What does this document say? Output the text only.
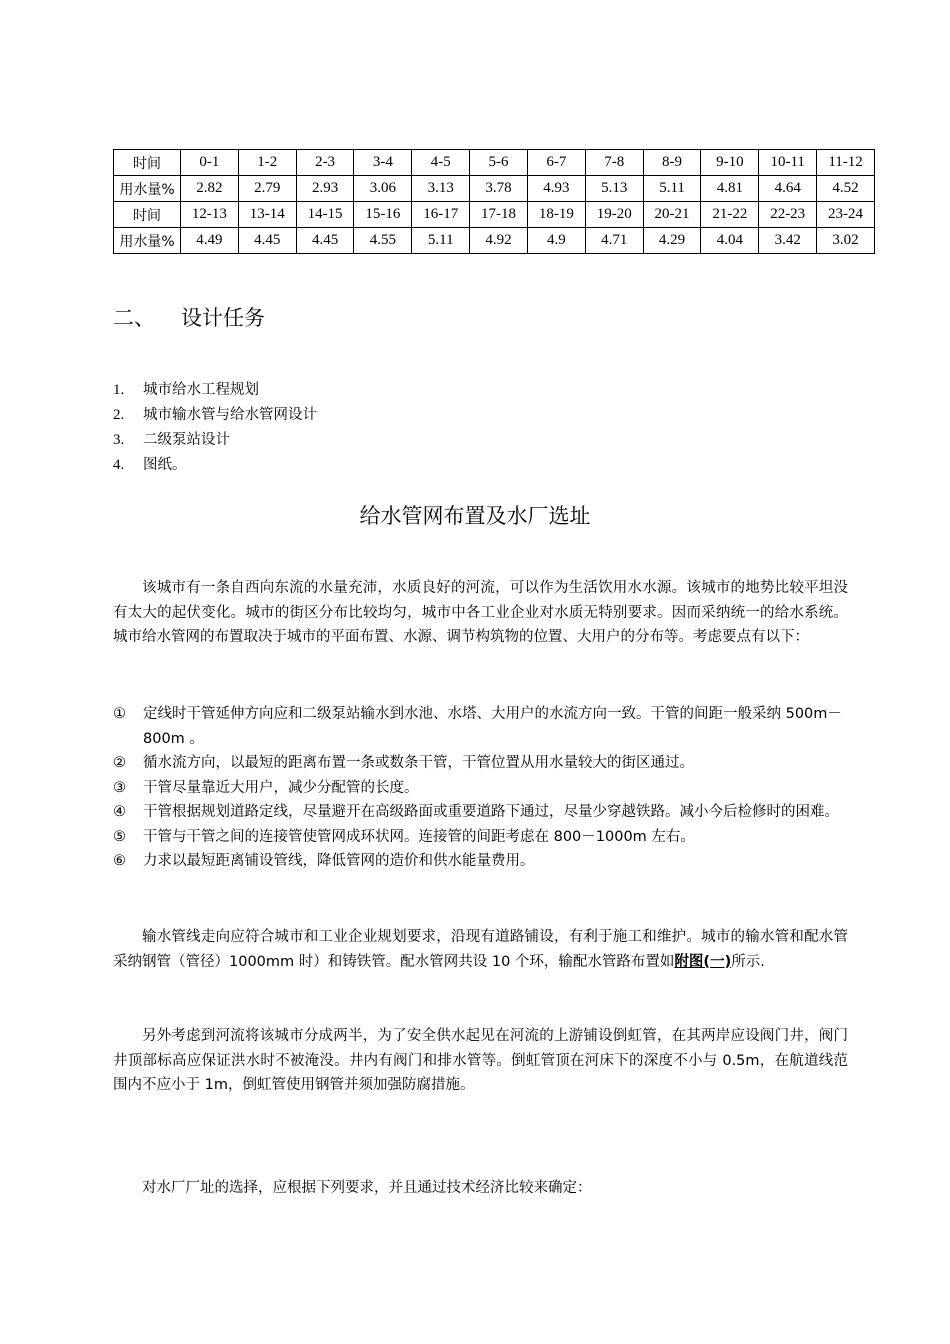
时间	0-1	1-2	2-3	3-4	4-5	5-6	6-7	7-8	8-9	9-10	10-11	11-12
用水量%	2.82	2.79	2.93	3.06	3.13	3.78	4.93	5.13	5.11	4.81	4.64	4.52
时间	12-13	13-14	14-15	15-16	16-17	17-18	18-19	19-20	20-21	21-22	22-23	23-24
用水量%	4.49	4.45	4.45	4.55	5.11	4.92	4.9	4.71	4.29	4.04	3.42	3.02
二、 设计任务
1. 城市给水工程规划
2. 城市输水管与给水管网设计
3. 二级泵站设计
4. 图纸。
给水管网布置及水厂选址

该城市有一条自西向东流的水量充沛，水质良好的河流，可以作为生活饮用水水源。该城市的地势比较平坦没有太大的起伏变化。城市的街区分布比较均匀，城市中各工业企业对水质无特别要求。因而采纳统一的给水系统。城市给水管网的布置取决于城市的平面布置、水源、调节构筑物的位置、大用户的分布等。考虑要点有以下：

①	定线时干管延伸方向应和二级泵站输水到水池、水塔、大用户的水流方向一致。干管的间距一般采纳 500m－800m 。
②	循水流方向，以最短的距离布置一条或数条干管，干管位置从用水量较大的街区通过。
③	干管尽量靠近大用户，减少分配管的长度。
④	干管根据规划道路定线，尽量避开在高级路面或重要道路下通过，尽量少穿越铁路。减小今后检修时的困难。
⑤	干管与干管之间的连接管使管网成环状网。连接管的间距考虑在 800－1000m 左右。
⑥	力求以最短距离铺设管线，降低管网的造价和供水能量费用。

输水管线走向应符合城市和工业企业规划要求，沿现有道路铺设，有利于施工和维护。城市的输水管和配水管采纳钢管（管径）1000mm 时）和铸铁管。配水管网共设 10 个环，输配水管路布置如附图(一)所示.

另外考虑到河流将该城市分成两半，为了安全供水起见在河流的上游铺设倒虹管，在其两岸应设阀门井，阀门井顶部标高应保证洪水时不被淹没。井内有阀门和排水管等。倒虹管顶在河床下的深度不小与 0.5m，在航道线范围内不应小于 1m，倒虹管使用钢管并须加强防腐措施。

对水厂厂址的选择，应根据下列要求，并且通过技术经济比较来确定：
